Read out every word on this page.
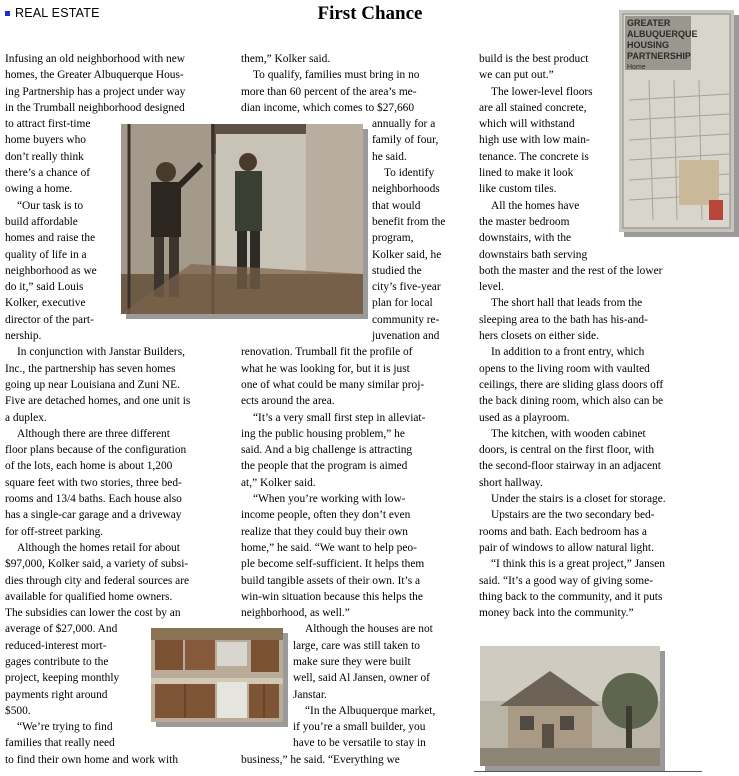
REAL ESTATE	First Chance
Infusing an old neighborhood with new
homes, the Greater Albuquerque Hous-
ing Partnership has a project under way
in the Trumball neighborhood designed
to attract first-time
home buyers who
don’t really think
there’s a chance of
owing a home.
“Our task is to
build affordable
homes and raise the
quality of life in a
neighborhood as we
do it,” said Louis
Kolker, executive
director of the part-
nership.
In conjunction with Janstar Builders,
Inc., the partnership has seven homes
going up near Louisiana and Zuni NE.
Five are detached homes, and one unit is
a duplex.
Although there are three different
floor plans because of the configuration
of the lots, each home is about 1,200
square feet with two stories, three bed-
rooms and 13/4 baths. Each house also
has a single-car garage and a driveway
for off-street parking.
Although the homes retail for about
$97,000, Kolker said, a variety of subsi-
dies through city and federal sources are
available for qualified home owners.
The subsidies can lower the cost by an
average of $27,000. And
reduced-interest mort-
gages contribute to the
project, keeping monthly
payments right around
$500.
“We’re trying to find
families that really need
to find their own home and work with
them,” Kolker said.
To qualify, families must bring in no
more than 60 percent of the area’s me-
dian income, which comes to $27,660
annually for a
family of four,
he said.
To identify
neighborhoods
that would
benefit from the
program,
Kolker said, he
studied the
city’s five-year
plan for local
community re-
juvenation and
renovation. Trumball fit the profile of
what he was looking for, but it is just
one of what could be many similar proj-
ects around the area.
“It’s a very small first step in alleviat-
ing the public housing problem,” he
said. And a big challenge is attracting
the people that the program is aimed
at,” Kolker said.
“When you’re working with low-
income people, often they don’t even
realize that they could buy their own
home,” he said. “We want to help peo-
ple become self-sufficient. It helps them
build tangible assets of their own. It’s a
win-win situation because this helps the
neighborhood, as well.”
Although the houses are not
large, care was still taken to
make sure they were built
well, said Al Jansen, owner of
Janstar.
“In the Albuquerque market,
if you’re a small builder, you
have to be versatile to stay in
business,” he said. “Everything we
build is the best product
we can put out.”
The lower-level floors
are all stained concrete,
which will withstand
high use with low main-
tenance. The concrete is
lined to make it look
like custom tiles.
All the homes have
the master bedroom
downstairs, with the
downstairs bath serving
both the master and the rest of the lower
level.
The short hall that leads from the
sleeping area to the bath has his-and-
hers closets on either side.
In addition to a front entry, which
opens to the living room with vaulted
ceilings, there are sliding glass doors off
the back dining room, which also can be
used as a playroom.
The kitchen, with wooden cabinet
doors, is central on the first floor, with
the second-floor stairway in an adjacent
short hallway.
Under the stairs is a closet for storage.
Upstairs are the two secondary bed-
rooms and bath. Each bedroom has a
pair of windows to allow natural light.
“I think this is a great project,” Jansen
said. “It’s a good way of giving some-
thing back to the community, and it puts
money back into the community.”
GREATER
ALBUQUERQUE
HOUSING
PARTNERSHIP
Home
